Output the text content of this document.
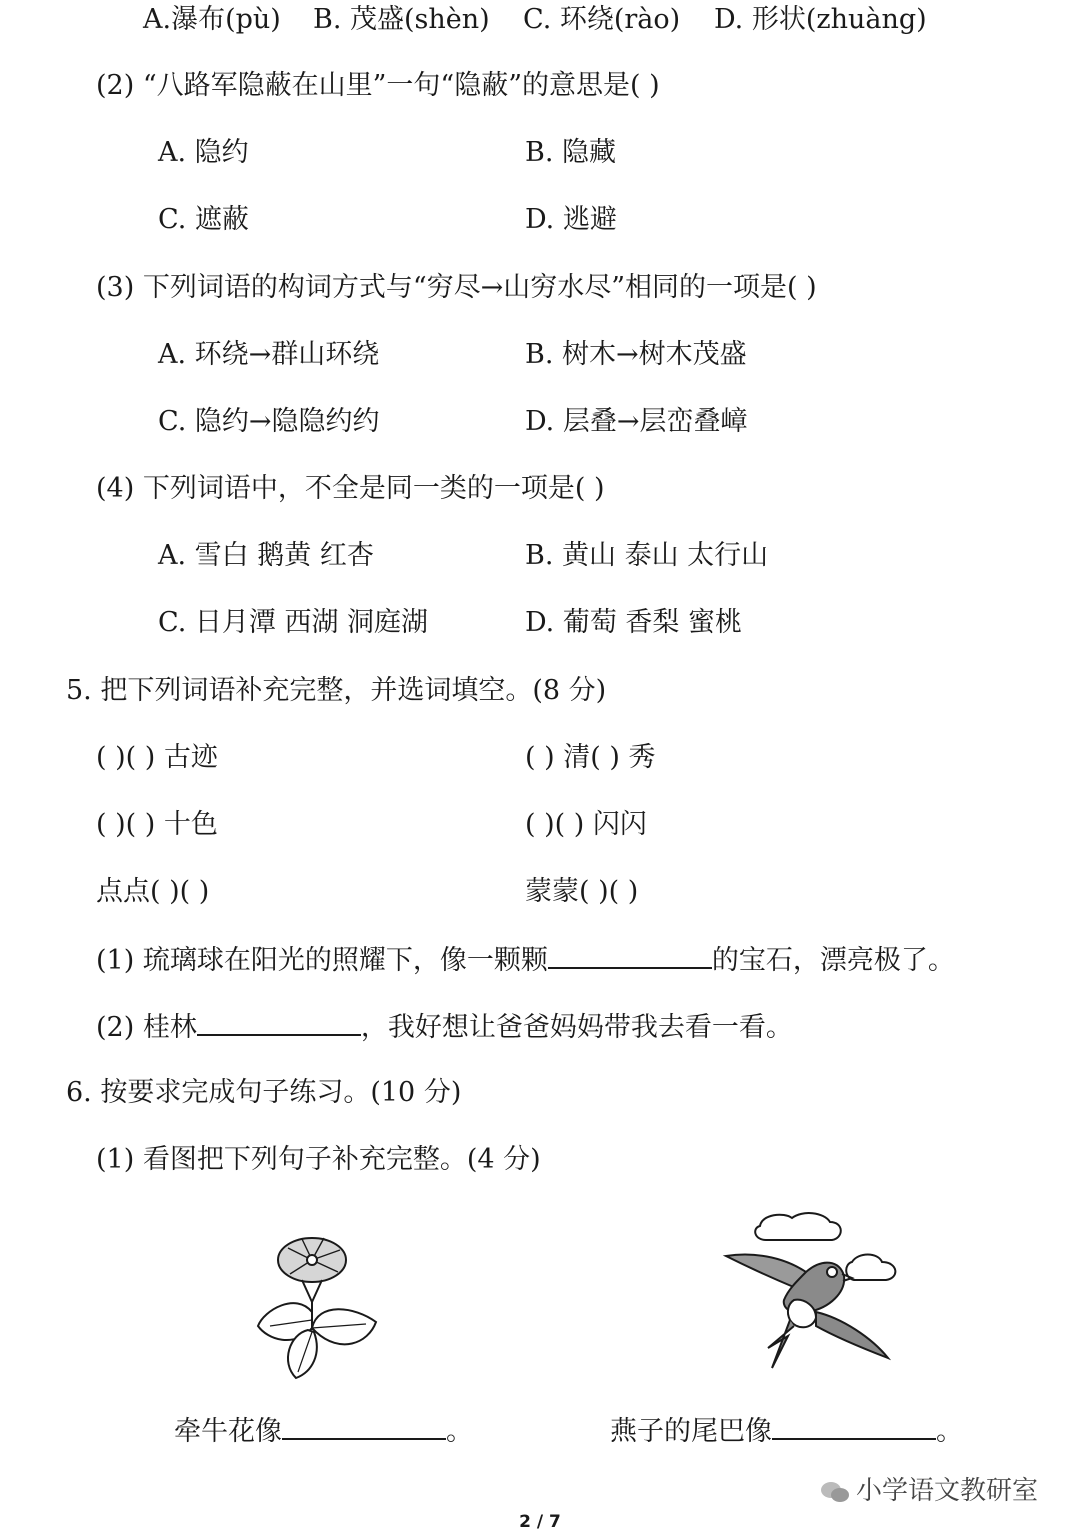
A.瀑布(pù) B. 茂盛(shèn) C. 环绕(rào) D. 形状(zhuàng)
(2) “八路军隐蔽在山里”一句“隐蔽”的意思是( )
A. 隐约	B. 隐藏
C. 遮蔽	D. 逃避
(3) 下列词语的构词方式与“穷尽→山穷水尽”相同的一项是( )
A. 环绕→群山环绕	B. 树木→树木茂盛
C. 隐约→隐隐约约	D. 层叠→层峦叠嶂
(4) 下列词语中，不全是同一类的一项是( )
A. 雪白 鹅黄 红杏	B. 黄山 泰山 太行山
C. 日月潭 西湖 洞庭湖	D. 葡萄 香梨 蜜桃
5. 把下列词语补充完整，并选词填空。(8 分)
( )( ) 古迹	( ) 清( ) 秀
( )( ) 十色	( )( ) 闪闪
点点( )( )	蒙蒙( )( )
(1) 琉璃球在阳光的照耀下，像一颗颗	的宝石，漂亮极了。
(2) 桂林	，我好想让爸爸妈妈带我去看一看。
6. 按要求完成句子练习。(10 分)
(1) 看图把下列句子补充完整。(4 分)
牵牛花像	。	燕子的尾巴像	。
小学语文教研室
2 / 7
